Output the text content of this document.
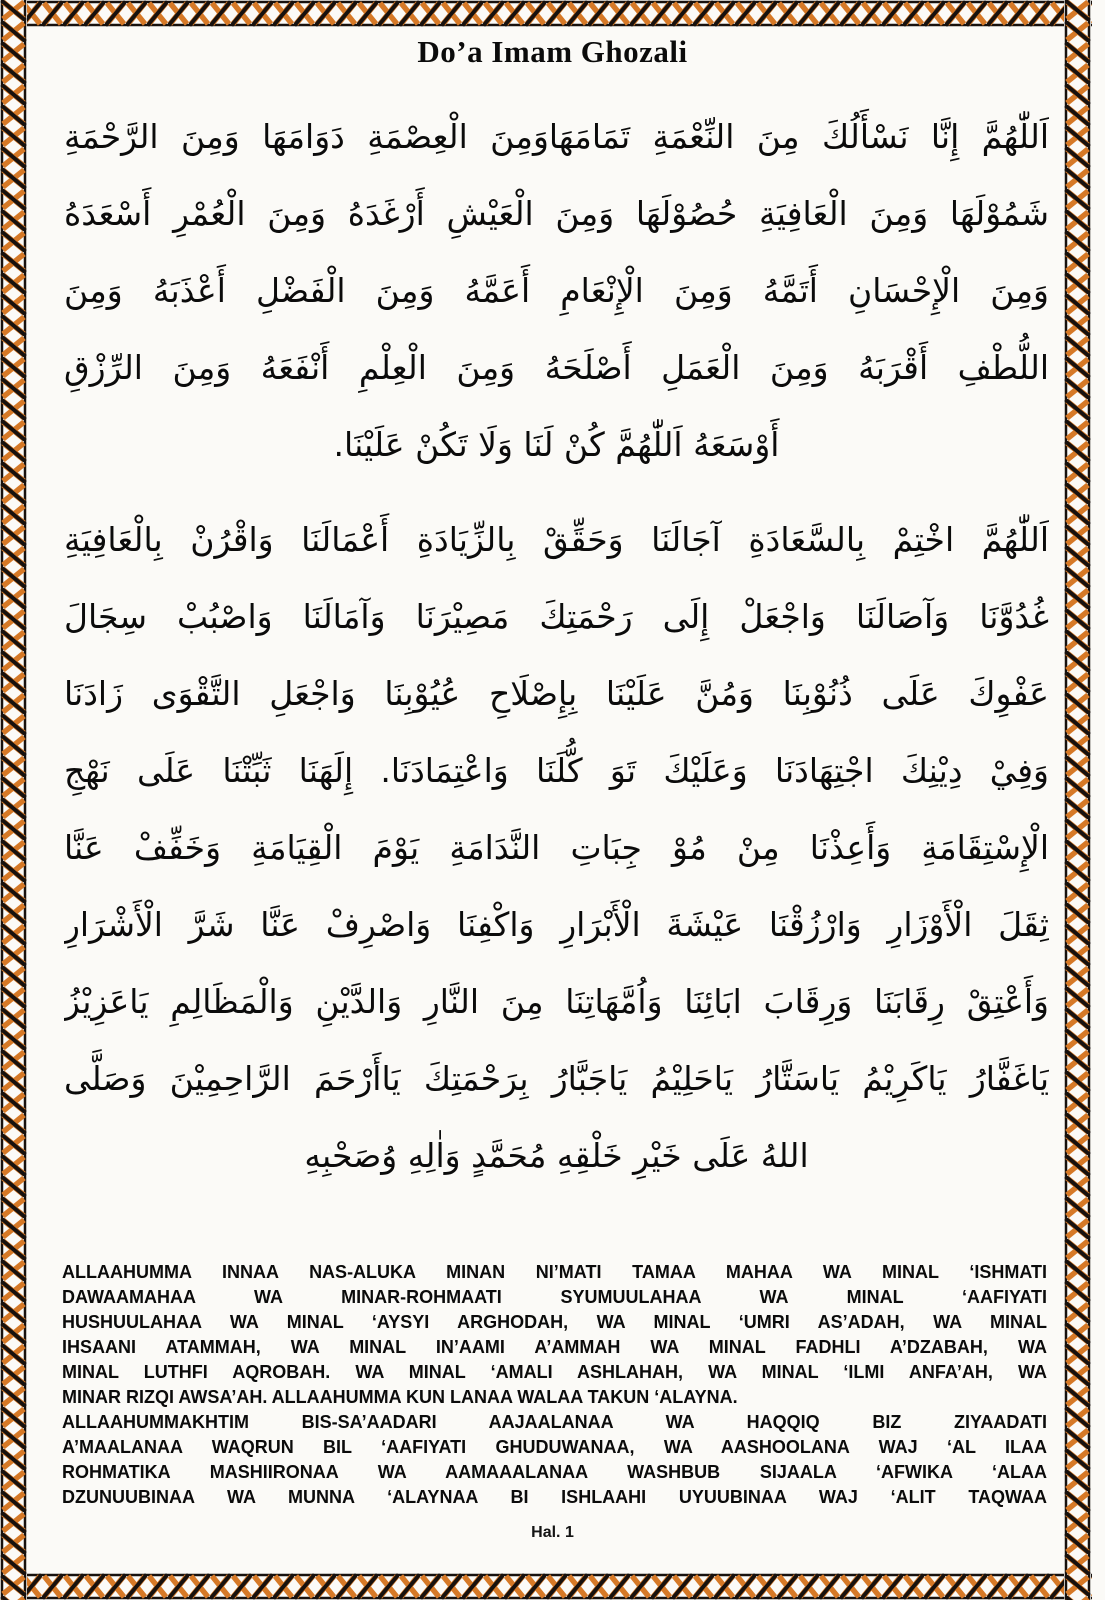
Do’a Imam Ghozali
اَللّٰهُمَّ إِنَّا نَسْأَلُكَ مِنَ النِّعْمَةِ تَمَامَهَاوَمِنَ الْعِصْمَةِ دَوَامَهَا وَمِنَ الرَّحْمَةِ
شَمُوْلَهَا وَمِنَ الْعَافِيَةِ حُصُوْلَهَا وَمِنَ الْعَيْشِ أَرْغَدَهُ وَمِنَ الْعُمْرِ أَسْعَدَهُ
وَمِنَ الْإِحْسَانِ أَتَمَّهُ وَمِنَ الْإِنْعَامِ أَعَمَّهُ وَمِنَ الْفَضْلِ أَعْذَبَهُ وَمِنَ
اللُّطْفِ أَقْرَبَهُ وَمِنَ الْعَمَلِ أَصْلَحَهُ وَمِنَ الْعِلْمِ أَنْفَعَهُ وَمِنَ الرِّزْقِ
أَوْسَعَهُ اَللّٰهُمَّ كُنْ لَنَا وَلَا تَكُنْ عَلَيْنَا.
اَللّٰهُمَّ اخْتِمْ بِالسَّعَادَةِ آجَالَنَا وَحَقِّقْ بِالزِّيَادَةِ أَعْمَالَنَا وَاقْرُنْ بِالْعَافِيَةِ
غُدُوَّنَا وَآصَالَنَا وَاجْعَلْ إِلَى رَحْمَتِكَ مَصِيْرَنَا وَآمَالَنَا وَاصْبُبْ سِجَالَ
عَفْوِكَ عَلَى ذُنُوْبِنَا وَمُنَّ عَلَيْنَا بِإِصْلَاحِ عُيُوْبِنَا وَاجْعَلِ التَّقْوَى زَادَنَا
وَفِيْ دِيْنِكَ اجْتِهَادَنَا وَعَلَيْكَ تَوَ كُّلَنَا وَاعْتِمَادَنَا. إِلَهَنَا ثَبِّتْنَا عَلَى نَهْجِ
الْإِسْتِقَامَةِ وَأَعِذْنَا مِنْ مُوْ جِبَاتِ النَّدَامَةِ يَوْمَ الْقِيَامَةِ وَخَفِّفْ عَنَّا
ثِقَلَ الْأَوْزَارِ وَارْزُقْنَا عَيْشَةَ الْأَبْرَارِ وَاكْفِنَا وَاصْرِفْ عَنَّا شَرَّ الْأَشْرَارِ
وَأَعْتِقْ رِقَابَنَا وَرِقَابَ ابَائِنَا وَاُمَّهَاتِنَا مِنَ النَّارِ وَالدَّيْنِ وَالْمَظَالِمِ يَاعَزِيْزُ
يَاغَفَّارُ يَاكَرِيْمُ يَاسَتَّارُ يَاحَلِيْمُ يَاجَبَّارُ بِرَحْمَتِكَ يَاأَرْحَمَ الرَّاحِمِيْنَ وَصَلَّى
اللهُ عَلَى خَيْرِ خَلْقِهِ مُحَمَّدٍ وَاٰلِهِ وُصَحْبِهِ
ALLAAHUMMA INNAA NAS-ALUKA MINAN NI’MATI TAMAA MAHAA WA MINAL ‘ISHMATI
DAWAAMAHAA WA MINAR-ROHMAATI SYUMUULAHAA WA MINAL ‘AAFIYATI
HUSHUULAHAA WA MINAL ‘AYSYI ARGHODAH, WA MINAL ‘UMRI AS’ADAH, WA MINAL
IHSAANI ATAMMAH, WA MINAL IN’AAMI A’AMMAH WA MINAL FADHLI A’DZABAH, WA
MINAL LUTHFI AQROBAH. WA MINAL ‘AMALI ASHLAHAH, WA MINAL ‘ILMI ANFA’AH, WA
MINAR RIZQI AWSA’AH. ALLAAHUMMA KUN LANAA WALAA TAKUN ‘ALAYNA.
ALLAAHUMMAKHTIM BIS-SA’AADARI AAJAALANAA WA HAQQIQ BIZ ZIYAADATI
A’MAALANAA WAQRUN BIL ‘AAFIYATI GHUDUWANAA, WA AASHOOLANA WAJ ‘AL ILAA
ROHMATIKA MASHIIRONAA WA AAMAAALANAA WASHBUB SIJAALA ‘AFWIKA ‘ALAA
DZUNUUBINAA WA MUNNA ‘ALAYNAA BI ISHLAAHI UYUUBINAA WAJ ‘ALIT TAQWAA
Hal. 1
